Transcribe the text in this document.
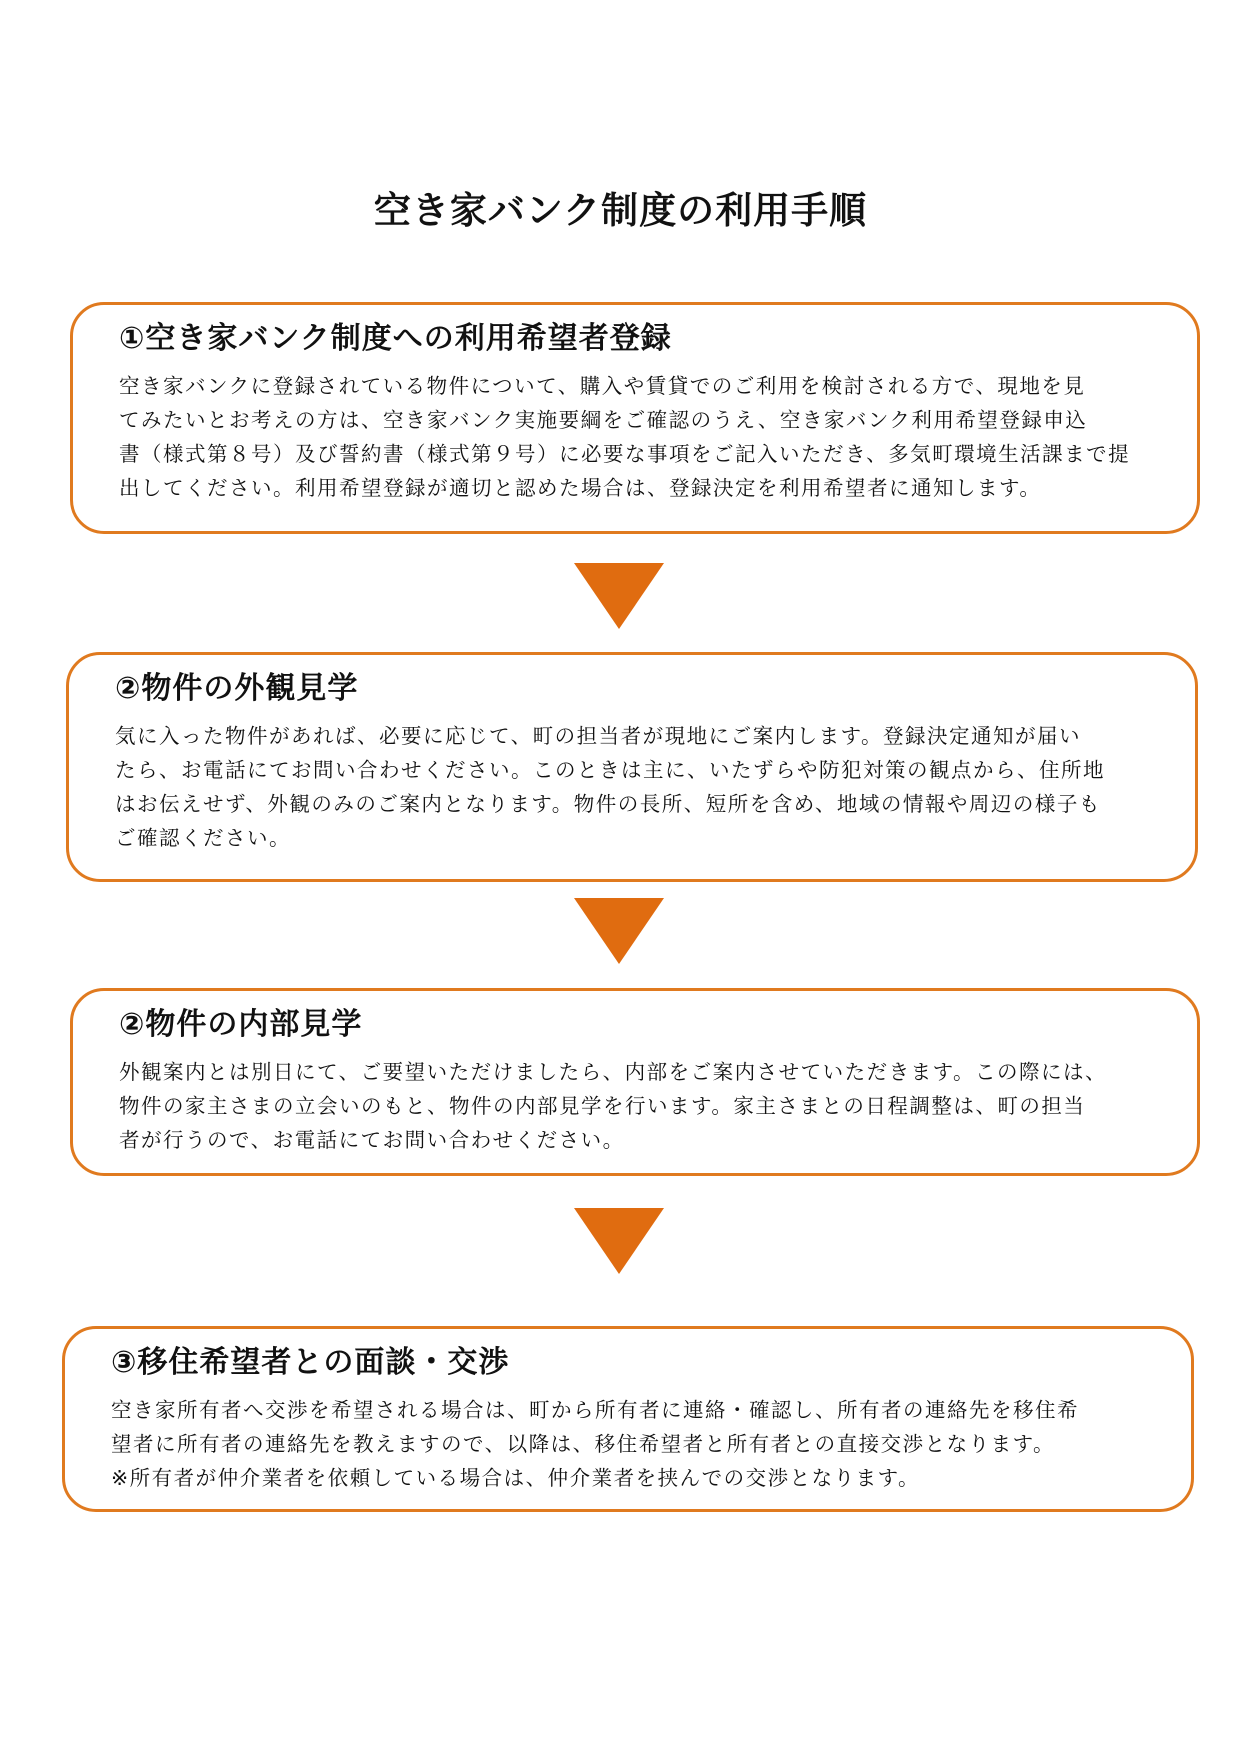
空き家バンク制度の利用手順
①空き家バンク制度への利用希望者登録

空き家バンクに登録されている物件について、購入や賃貸でのご利用を検討される方で、現地を見
てみたいとお考えの方は、空き家バンク実施要綱をご確認のうえ、空き家バンク利用希望登録申込
書（様式第８号）及び誓約書（様式第９号）に必要な事項をご記入いただき、多気町環境生活課まで提
出してください。利用希望登録が適切と認めた場合は、登録決定を利用希望者に通知します。

②物件の外観見学

気に入った物件があれば、必要に応じて、町の担当者が現地にご案内します。登録決定通知が届い
たら、お電話にてお問い合わせください。このときは主に、いたずらや防犯対策の観点から、住所地
はお伝えせず、外観のみのご案内となります。物件の長所、短所を含め、地域の情報や周辺の様子も
ご確認ください。

②物件の内部見学

外観案内とは別日にて、ご要望いただけましたら、内部をご案内させていただきます。この際には、
物件の家主さまの立会いのもと、物件の内部見学を行います。家主さまとの日程調整は、町の担当
者が行うので、お電話にてお問い合わせください。

③移住希望者との面談・交渉

空き家所有者へ交渉を希望される場合は、町から所有者に連絡・確認し、所有者の連絡先を移住希
望者に所有者の連絡先を教えますので、以降は、移住希望者と所有者との直接交渉となります。
※所有者が仲介業者を依頼している場合は、仲介業者を挟んでの交渉となります。
